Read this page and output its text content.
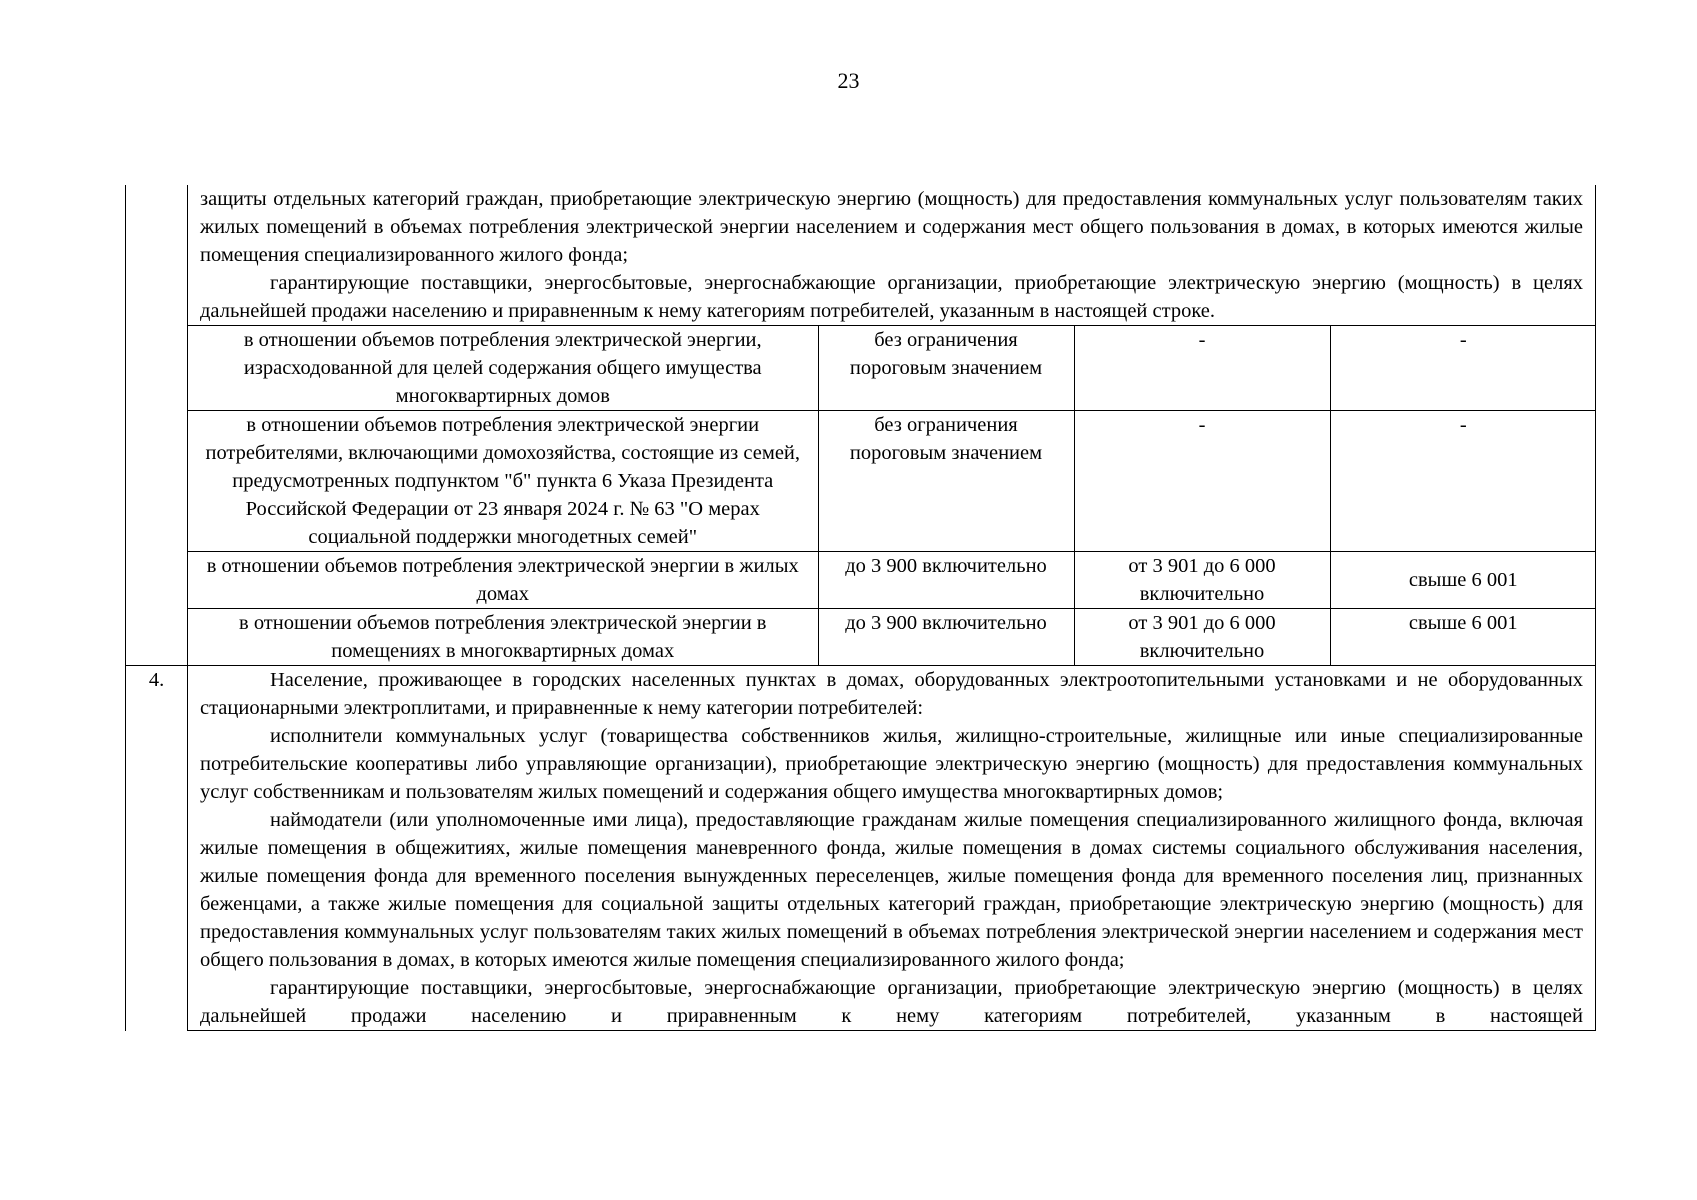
23

защиты отдельных категорий граждан, приобретающие электрическую энергию (мощность) для предоставления коммунальных услуг пользователям таких жилых помещений в объемах потребления электрической энергии населением и содержания мест общего пользования в домах, в которых имеются жилые помещения специализированного жилого фонда;

гарантирующие поставщики, энергосбытовые, энергоснабжающие организации, приобретающие электрическую энергию (мощность) в целях дальнейшей продажи населению и приравненным к нему категориям потребителей, указанным в настоящей строке.

в отношении объемов потребления электрической энергии, израсходованной для целей содержания общего имущества многоквартирных домов	без ограничения пороговым значением	-	-
в отношении объемов потребления электрической энергии потребителями, включающими домохозяйства, состоящие из семей, предусмотренных подпунктом "б" пункта 6 Указа Президента Российской Федерации от 23 января 2024 г. № 63 "О мерах социальной поддержки многодетных семей"	без ограничения пороговым значением	-	-
в отношении объемов потребления электрической энергии в жилых домах	до 3 900 включительно	от 3 901 до 6 000 включительно	свыше 6 001
в отношении объемов потребления электрической энергии в помещениях в многоквартирных домах	до 3 900 включительно	от 3 901 до 6 000 включительно	свыше 6 001

4.	Население, проживающее в городских населенных пунктах в домах, оборудованных электроотопительными установками и не оборудованных стационарными электроплитами, и приравненные к нему категории потребителей:

исполнители коммунальных услуг (товарищества собственников жилья, жилищно-строительные, жилищные или иные специализированные потребительские кооперативы либо управляющие организации), приобретающие электрическую энергию (мощность) для предоставления коммунальных услуг собственникам и пользователям жилых помещений и содержания общего имущества многоквартирных домов;

наймодатели (или уполномоченные ими лица), предоставляющие гражданам жилые помещения специализированного жилищного фонда, включая жилые помещения в общежитиях, жилые помещения маневренного фонда, жилые помещения в домах системы социального обслуживания населения, жилые помещения фонда для временного поселения вынужденных переселенцев, жилые помещения фонда для временного поселения лиц, признанных беженцами, а также жилые помещения для социальной защиты отдельных категорий граждан, приобретающие электрическую энергию (мощность) для предоставления коммунальных услуг пользователям таких жилых помещений в объемах потребления электрической энергии населением и содержания мест общего пользования в домах, в которых имеются жилые помещения специализированного жилого фонда;

гарантирующие поставщики, энергосбытовые, энергоснабжающие организации, приобретающие электрическую энергию (мощность) в целях дальнейшей продажи населению и приравненным к нему категориям потребителей, указанным в настоящей
